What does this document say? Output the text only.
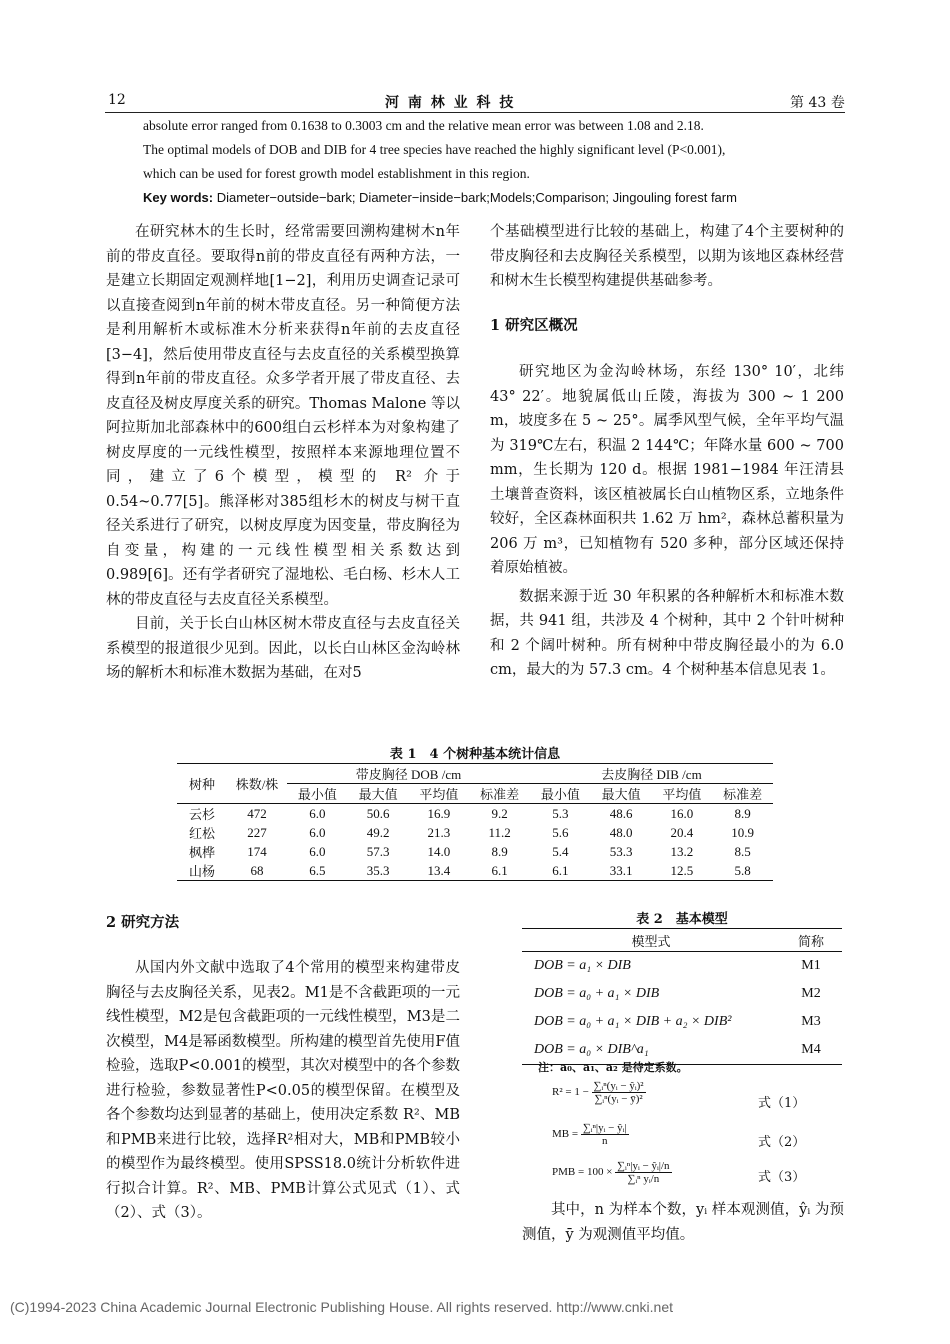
12	河 南 林 业 科 技	第 43 卷
absolute error ranged from 0.1638 to 0.3003 cm and the relative mean error was between 1.08 and 2.18.
The optimal models of DOB and DIB for 4 tree species have reached the highly significant level (P<0.001),
which can be used for forest growth model establishment in this region.
Key words: Diameter−outside−bark; Diameter−inside−bark;Models;Comparison; Jingouling forest farm

在研究林木的生长时，经常需要回溯构建树木n年前的带皮直径。要取得n前的带皮直径有两种方法，一是建立长期固定观测样地[1−2]，利用历史调查记录可以直接查阅到n年前的树木带皮直径。另一种简便方法是利用解析木或标准木分析来获得n年前的去皮直径[3−4]，然后使用带皮直径与去皮直径的关系模型换算得到n年前的带皮直径。众多学者开展了带皮直径、去皮直径及树皮厚度关系的研究。Thomas Malone 等以阿拉斯加北部森林中的600组白云杉样本为对象构建了树皮厚度的一元线性模型，按照样本来源地理位置不同，建立了6个模型，模型的 R² 介于 0.54~0.77[5]。熊泽彬对385组杉木的树皮与树干直径关系进行了研究，以树皮厚度为因变量，带皮胸径为自变量，构建的一元线性模型相关系数达到 0.989[6]。还有学者研究了湿地松、毛白杨、杉木人工林的带皮直径与去皮直径关系模型。

目前，关于长白山林区树木带皮直径与去皮直径关系模型的报道很少见到。因此，以长白山林区金沟岭林场的解析木和标准木数据为基础，在对5

个基础模型进行比较的基础上，构建了4个主要树种的带皮胸径和去皮胸径关系模型，以期为该地区森林经营和树木生长模型构建提供基础参考。

1 研究区概况

研究地区为金沟岭林场，东经 130° 10′，北纬 43° 22′。地貌属低山丘陵，海拔为 300 ~ 1 200 m，坡度多在 5 ~ 25°。属季风型气候，全年平均气温为 319℃左右，积温 2 144℃；年降水量 600 ~ 700 mm，生长期为 120 d。根据 1981−1984 年汪清县土壤普查资料，该区植被属长白山植物区系，立地条件较好，全区森林面积共 1.62 万 hm²，森林总蓄积量为 206 万 m³，已知植物有 520 多种，部分区域还保持着原始植被。

数据来源于近 30 年积累的各种解析木和标准木数据，共 941 组，共涉及 4 个树种，其中 2 个针叶树种和 2 个阔叶树种。所有树种中带皮胸径最小的为 6.0 cm，最大的为 57.3 cm。4 个树种基本信息见表 1。

表 1　4 个树种基本统计信息
树种	株数/株	带皮胸径 DOB /cm				去皮胸径 DIB /cm			
		最小值	最大值	平均值	标准差	最小值	最大值	平均值	标准差
云杉	472	6.0	50.6	16.9	9.2	5.3	48.6	16.0	8.9
红松	227	6.0	49.2	21.3	11.2	5.6	48.0	20.4	10.9
枫桦	174	6.0	57.3	14.0	8.9	5.4	53.3	13.2	8.5
山杨	68	6.5	35.3	13.4	6.1	6.1	33.1	12.5	5.8
2 研究方法

从国内外文献中选取了4个常用的模型来构建带皮胸径与去皮胸径关系，见表2。M1是不含截距项的一元线性模型，M2是包含截距项的一元线性模型，M3是二次模型，M4是幂函数模型。所构建的模型首先使用F值检验，选取P<0.001的模型，其次对模型中的各个参数进行检验，参数显著性P<0.05的模型保留。在模型及各个参数均达到显著的基础上，使用决定系数 R²、MB和PMB来进行比较，选择R²相对大，MB和PMB较小的模型作为最终模型。使用SPSS18.0统计分析软件进行拟合计算。R²、MB、PMB计算公式见式（1）、式（2）、式（3）。

表 2　基本模型
模型式	简称
DOB = a₁ × DIB	M1
DOB = a₀ + a₁ × DIB	M2
DOB = a₀ + a₁ × DIB + a₂ × DIB²	M3
DOB = a₀ × DIB^a₁	M4
注：a₀、a₁、a₂ 是待定系数。
$R^2 = 1 - \frac{\text{∑ᵢⁿ(yᵢ − ŷᵢ)²}}{\text{∑ᵢⁿ(yᵢ − ȳ)²}}$	式（1）
MB = $\frac{\text{∑ᵢⁿ|yᵢ − ŷᵢ|}}{n}$	式（2）
PMB = $100 \times \frac{\text{∑ᵢⁿ|yᵢ − ŷᵢ|/n}}{\text{∑ᵢⁿ yᵢ/n}}$	式（3）

其中，n 为样本个数，yᵢ 样本观测值，ŷᵢ 为预测值，ȳ 为观测值平均值。

(C)1994-2023 China Academic Journal Electronic Publishing House. All rights reserved. http://www.cnki.net
